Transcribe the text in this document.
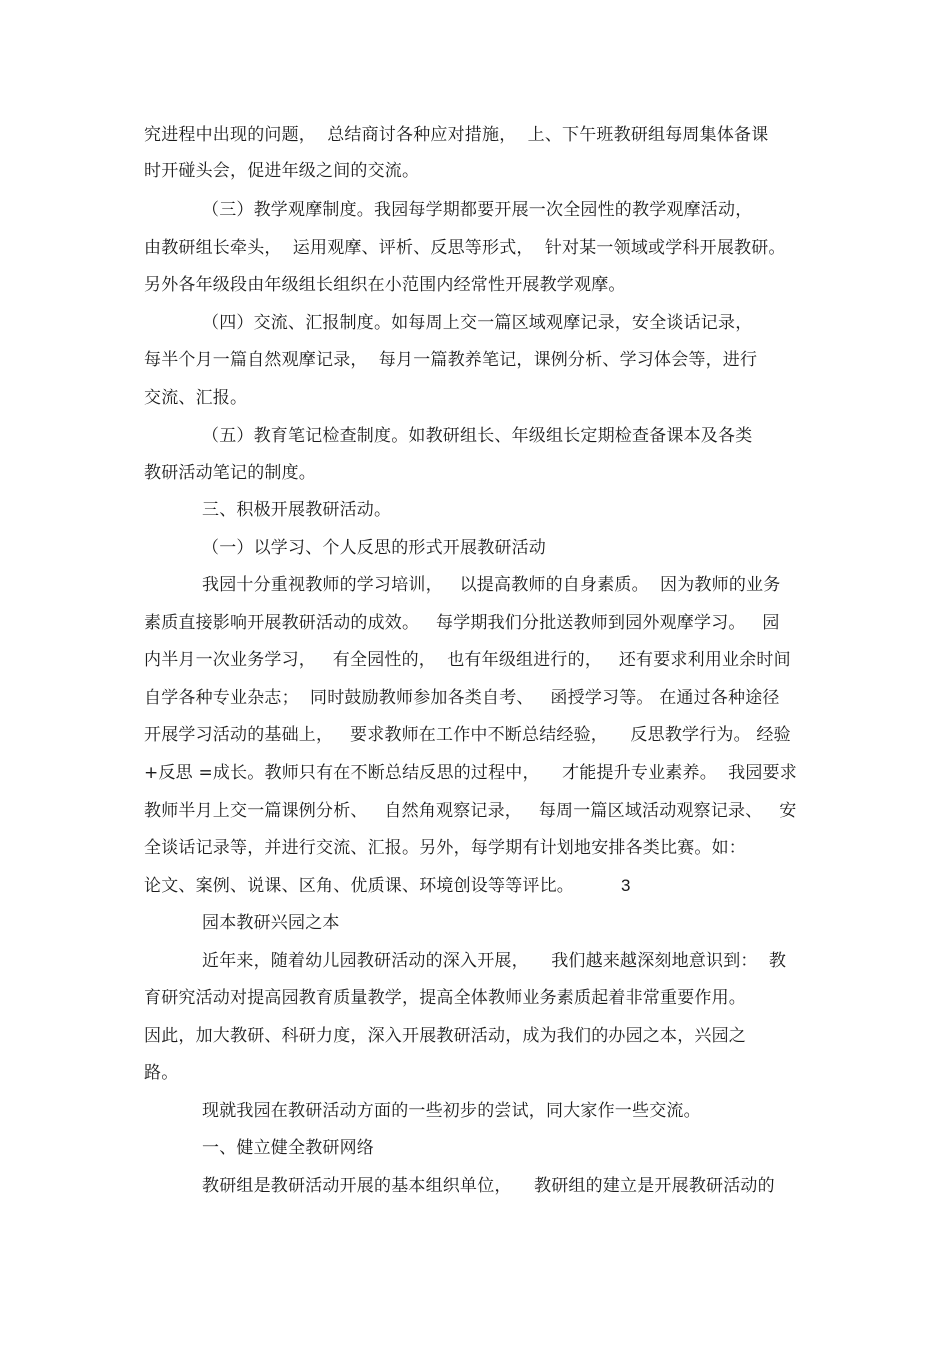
究进程中出现的问题，  总结商讨各种应对措施，  上、下午班教研组每周集体备课
时开碰头会，促进年级之间的交流。
（三）教学观摩制度。我园每学期都要开展一次全园性的教学观摩活动，
由教研组长牵头，  运用观摩、评析、反思等形式，  针对某一领域或学科开展教研。
另外各年级段由年级组长组织在小范围内经常性开展教学观摩。
（四）交流、汇报制度。如每周上交一篇区域观摩记录，安全谈话记录，
每半个月一篇自然观摩记录，  每月一篇教养笔记，课例分析、学习体会等，进行
交流、汇报。
（五）教育笔记检查制度。如教研组长、年级组长定期检查备课本及各类
教研活动笔记的制度。
三、积极开展教研活动。
（一）以学习、个人反思的形式开展教研活动
我园十分重视教师的学习培训，   以提高教师的自身素质。  因为教师的业务
素质直接影响开展教研活动的成效。   每学期我们分批送教师到园外观摩学习。   园
内半月一次业务学习，   有全园性的，  也有年级组进行的，   还有要求利用业余时间
自学各种专业杂志；  同时鼓励教师参加各类自考、   函授学习等。 在通过各种途径
开展学习活动的基础上，   要求教师在工作中不断总结经验，    反思教学行为。 经验
+反思 =成长。教师只有在不断总结反思的过程中，    才能提升专业素养。  我园要求
教师半月上交一篇课例分析、   自然角观察记录，   每周一篇区域活动观察记录、   安
全谈话记录等，并进行交流、汇报。另外，每学期有计划地安排各类比赛。如：
论文、案例、说课、区角、优质课、环境创设等等评比。	3
园本教研兴园之本
近年来，随着幼儿园教研活动的深入开展，    我们越来越深刻地意识到：  教
育研究活动对提高园教育质量教学，提高全体教师业务素质起着非常重要作用。
因此，加大教研、科研力度，深入开展教研活动，成为我们的办园之本，兴园之
路。
现就我园在教研活动方面的一些初步的尝试，同大家作一些交流。
一、健立健全教研网络
教研组是教研活动开展的基本组织单位，    教研组的建立是开展教研活动的
